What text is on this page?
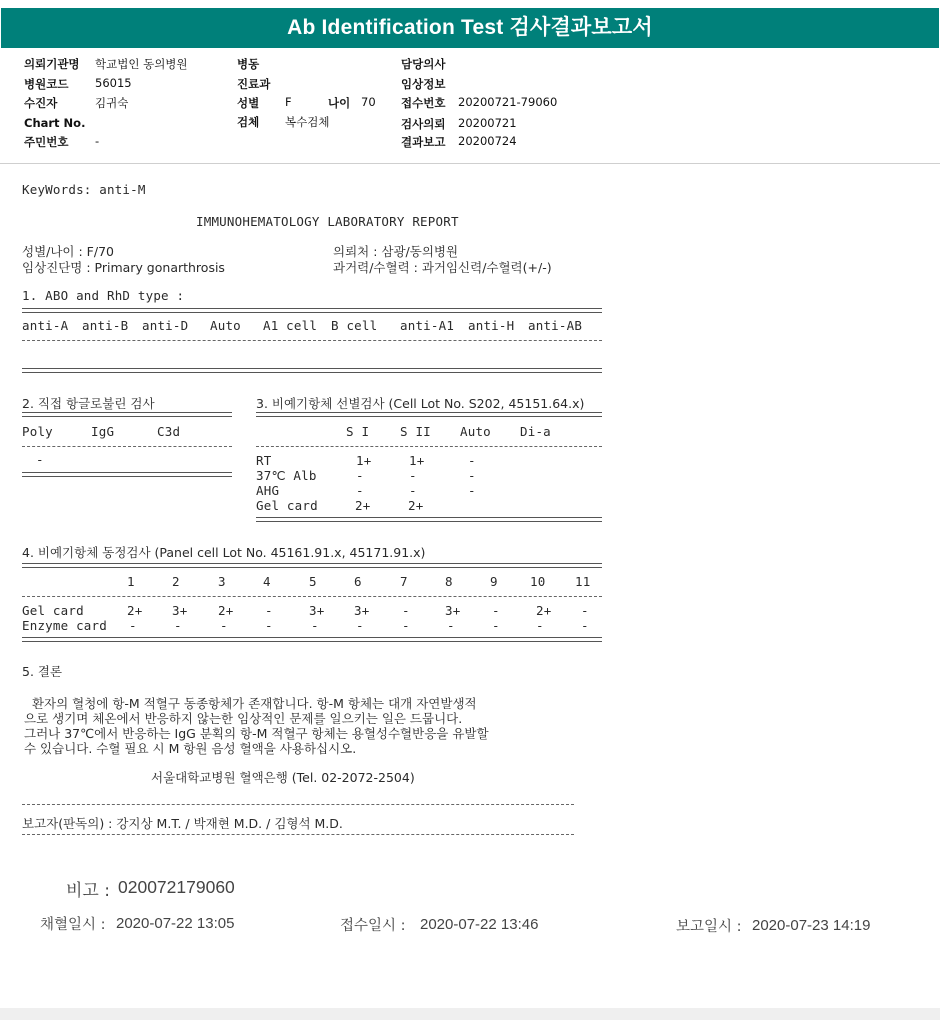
Ab Identification Test 검사결과보고서
의뢰기관명 학교법인 동의병원
병원코드 56015
수진자	김귀숙
Chart No.
주민번호 -
병동
진료과
성별 F	나이 70
검체 복수검체
담당의사
임상정보
접수번호 20200721-79060
검사의뢰 20200721
결과보고 20200724
KeyWords: anti-M
IMMUNOHEMATOLOGY LABORATORY REPORT
성별/나이 : F/70
임상진단명 : Primary gonarthrosis
의뢰처 : 삼광/동의병원
과거력/수혈력 : 과거임신력/수혈력(+/-)
1. ABO and RhD type :
anti-A anti-B anti-D Auto A1 cell B cell anti-A1 anti-H anti-AB
2. 직접 항글로불린 검사
Poly	IgG	C3d
-
3. 비예기항체 선별검사 (Cell Lot No. S202, 45151.64.x)
S I S II Auto Di-a
RT	1+	1+	-
37℃ Alb	-	-	-
AHG	-	-	-
Gel card	2+	2+
4. 비예기항체 동정검사 (Panel cell Lot No. 45161.91.x, 45171.91.x)
1	2	3	4	5	6	7	8	9	10 11
Gel card	2+ 3+ 2+	-	3+ 3+	-	3+	-	2+ -
Enzyme card -	-	-	-	-	-	-	-	-	-	-
5. 결론
환자의 혈청에 항-M 적혈구 동종항체가 존재합니다. 항-M 항체는 대개 자연발생적
으로 생기며 체온에서 반응하지 않는한 임상적인 문제를 일으키는 일은 드뭅니다.
그러나 37℃에서 반응하는 IgG 분획의 항-M 적혈구 항체는 용혈성수혈반응을 유발할
수 있습니다. 수혈 필요 시 M 항원 음성 혈액을 사용하십시오.
서울대학교병원 혈액은행 (Tel. 02-2072-2504)
보고자(판독의) : 강지상 M.T. / 박재현 M.D. / 김형석 M.D.
비고 : 020072179060
채혈일시 : 2020-07-22 13:05	접수일시 : 2020-07-22 13:46	보고일시 : 2020-07-23 14:19
